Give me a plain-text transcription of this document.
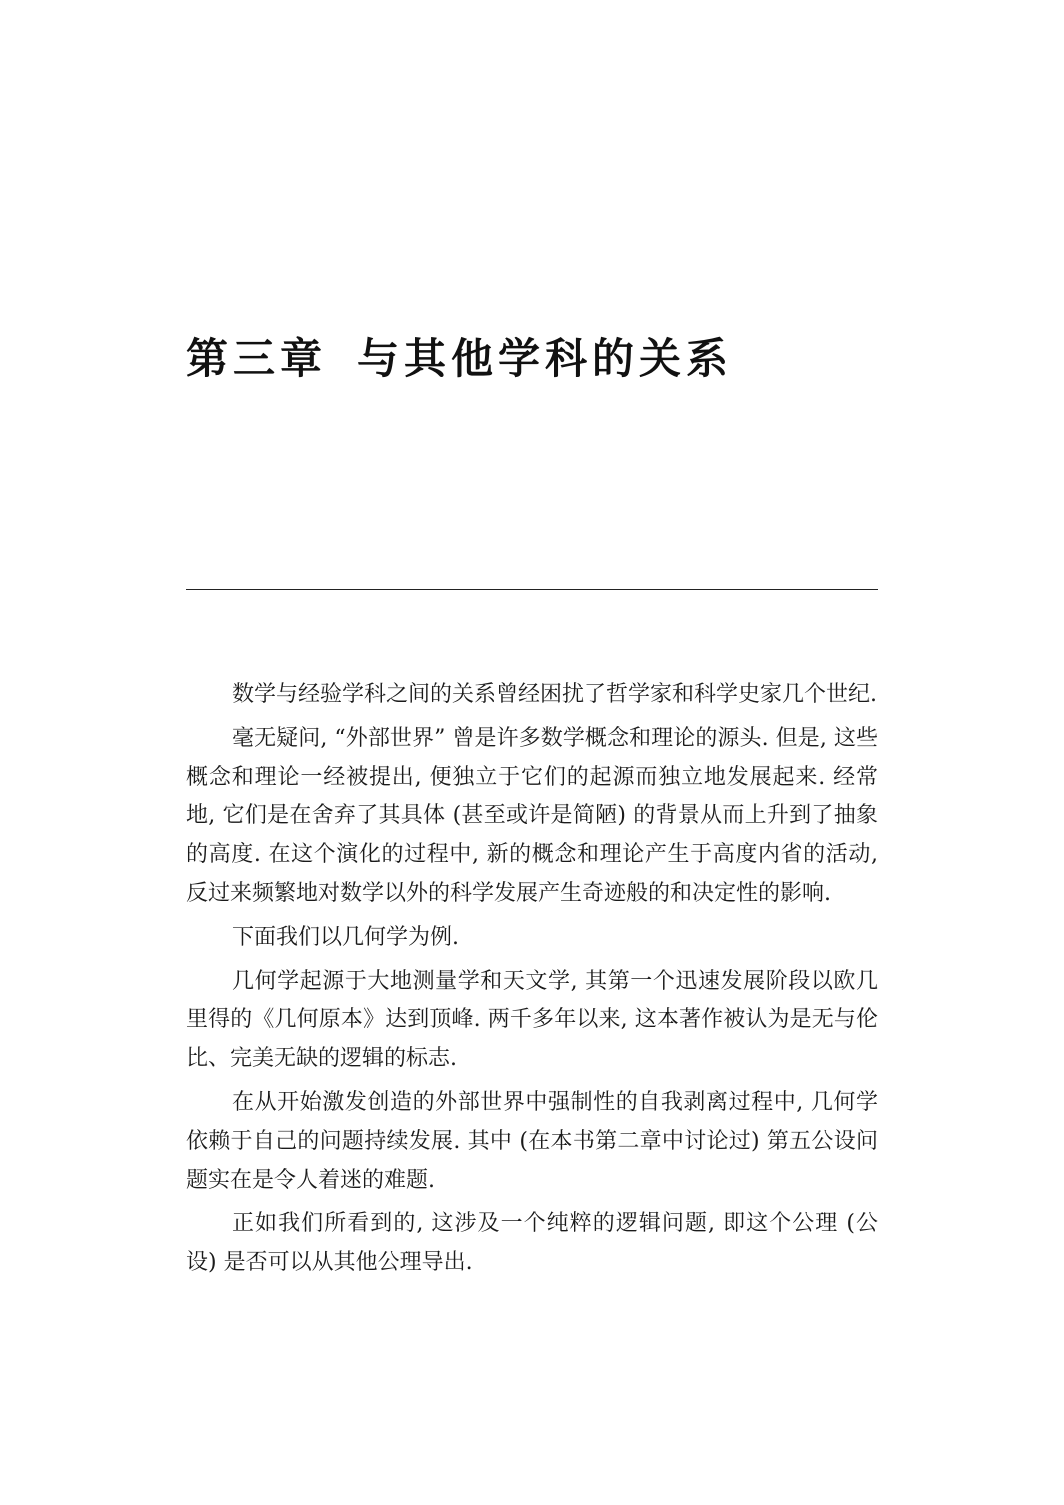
第三章 与其他学科的关系

数学与经验学科之间的关系曾经困扰了哲学家和科学史家几个世纪.

毫无疑问, “外部世界” 曾是许多数学概念和理论的源头. 但是, 这些概念和理论一经被提出, 便独立于它们的起源而独立地发展起来. 经常地, 它们是在舍弃了其具体 (甚至或许是简陋) 的背景从而上升到了抽象的高度. 在这个演化的过程中, 新的概念和理论产生于高度内省的活动, 反过来频繁地对数学以外的科学发展产生奇迹般的和决定性的影响.

下面我们以几何学为例.

几何学起源于大地测量学和天文学, 其第一个迅速发展阶段以欧几里得的《几何原本》达到顶峰. 两千多年以来, 这本著作被认为是无与伦比、完美无缺的逻辑的标志.

在从开始激发创造的外部世界中强制性的自我剥离过程中, 几何学依赖于自己的问题持续发展. 其中 (在本书第二章中讨论过) 第五公设问题实在是令人着迷的难题.

正如我们所看到的, 这涉及一个纯粹的逻辑问题, 即这个公理 (公设) 是否可以从其他公理导出.
